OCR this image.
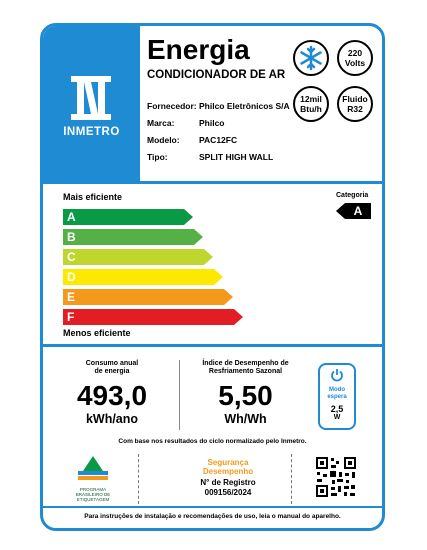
INMETRO
Energia
CONDICIONADOR DE AR
220
Volts
12mil
Btu/h
Fluido
R32
Fornecedor: Philco Eletrônicos S/A
Marca:	Philco
Modelo: PAC12FC
Tipo:	SPLIT HIGH WALL
Mais eficiente	Categoria
A
A
B
C
D
E
F
Menos eficiente
Consumo anual
de energia
493,0
kWh/ano
Índice de Desempenho de
Resfriamento Sazonal
5,50
Wh/Wh
Modo
espera
2,5
W
Com base nos resultados do ciclo normalizado pelo Inmetro.
PROGRAMA
BRASILEIRO DE
ETIQUETAGEM
Segurança
Desempenho
N° de Registro
009156/2024
Para instruções de instalação e recomendações de uso, leia o manual do aparelho.
